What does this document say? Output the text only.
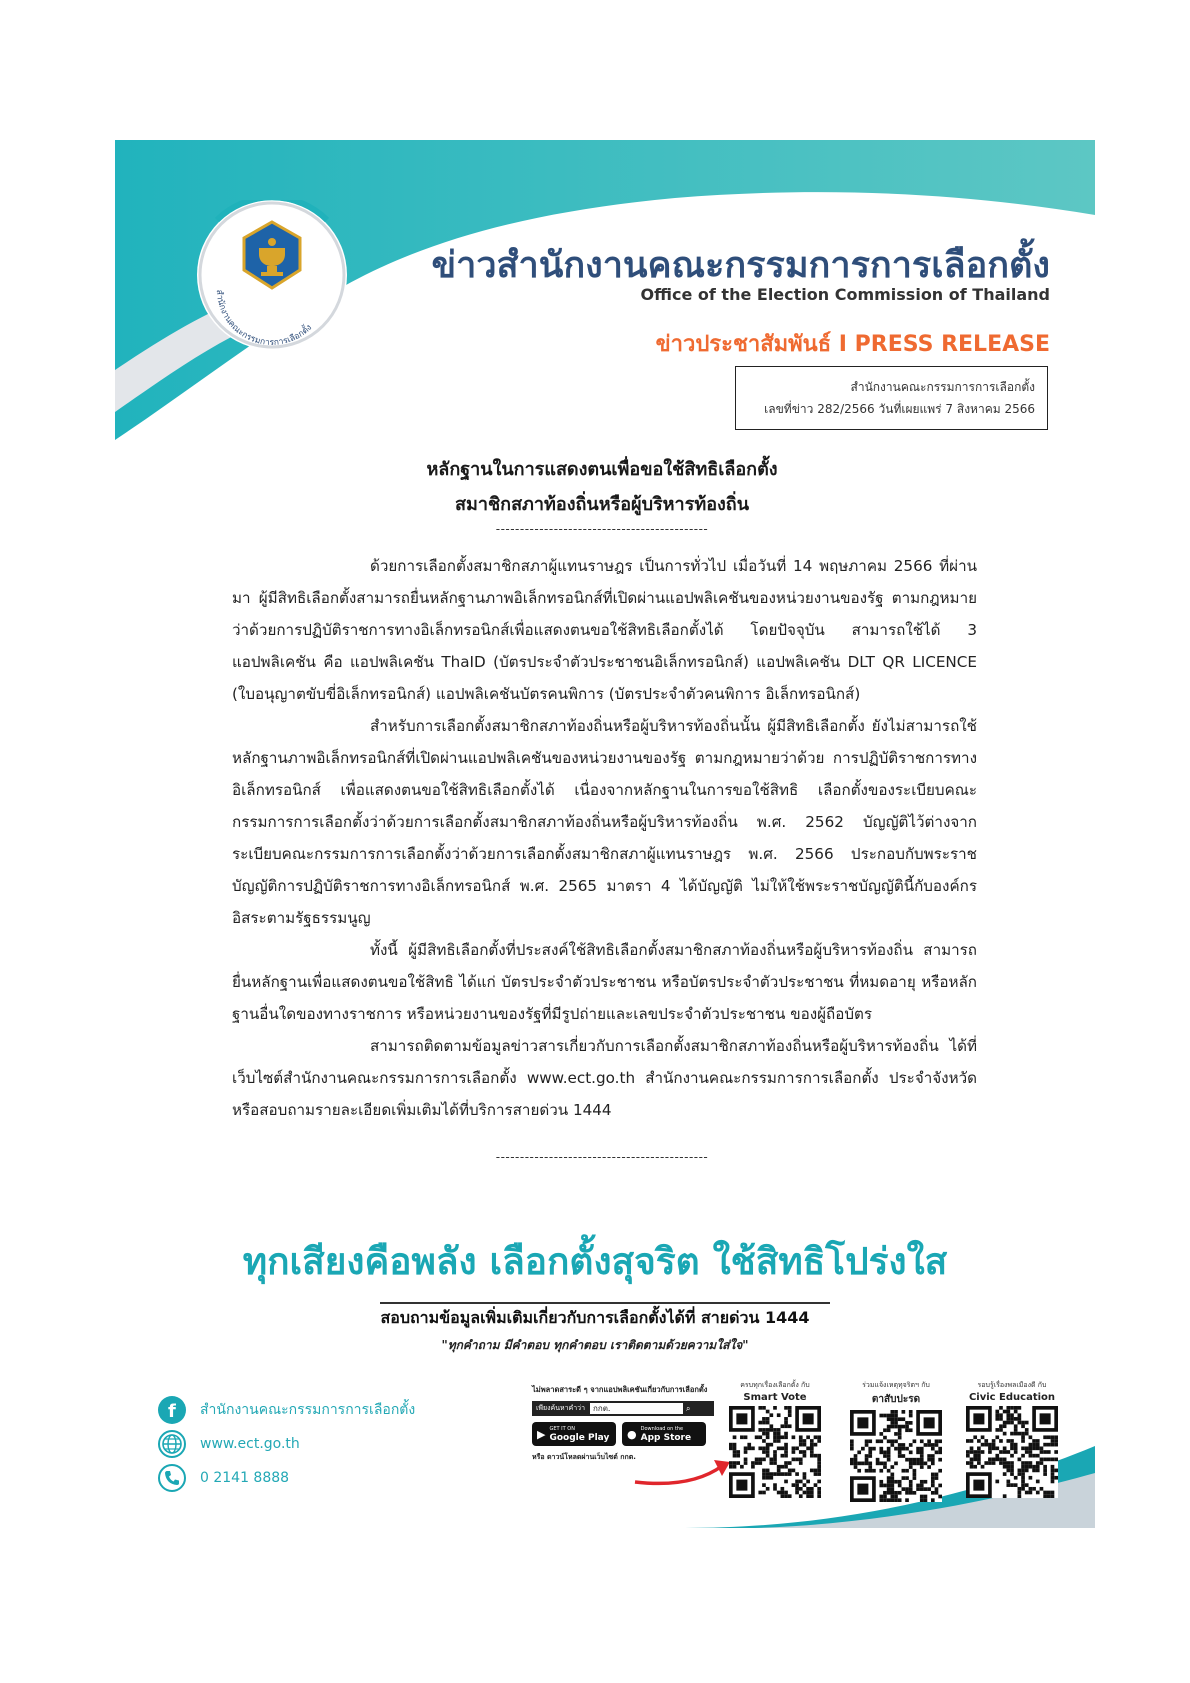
สำนักงานคณะกรรมการการเลือกตั้ง
ข่าวสำนักงานคณะกรรมการการเลือกตั้ง
Office of the Election Commission of Thailand
ข่าวประชาสัมพันธ์ I PRESS RELEASE
สำนักงานคณะกรรมการการเลือกตั้ง
เลขที่ข่าว 282/2566 วันที่เผยแพร่ 7 สิงหาคม 2566
หลักฐานในการแสดงตนเพื่อขอใช้สิทธิเลือกตั้ง
สมาชิกสภาท้องถิ่นหรือผู้บริหารท้องถิ่น
--------------------------------------------

ด้วยการเลือกตั้งสมาชิกสภาผู้แทนราษฎร เป็นการทั่วไป เมื่อวันที่ 14 พฤษภาคม 2566 ที่ผ่านมา ผู้มีสิทธิเลือกตั้งสามารถยื่นหลักฐานภาพอิเล็กทรอนิกส์ที่เปิดผ่านแอปพลิเคชันของหน่วยงานของรัฐ ตามกฎหมายว่าด้วยการปฏิบัติราชการทางอิเล็กทรอนิกส์เพื่อแสดงตนขอใช้สิทธิเลือกตั้งได้ โดยปัจจุบัน สามารถใช้ได้ 3 แอปพลิเคชัน คือ แอปพลิเคชัน ThaID (บัตรประจำตัวประชาชนอิเล็กทรอนิกส์) แอปพลิเคชัน DLT QR LICENCE (ใบอนุญาตขับขี่อิเล็กทรอนิกส์) แอปพลิเคชันบัตรคนพิการ (บัตรประจำตัวคนพิการ อิเล็กทรอนิกส์)

สำหรับการเลือกตั้งสมาชิกสภาท้องถิ่นหรือผู้บริหารท้องถิ่นนั้น ผู้มีสิทธิเลือกตั้ง ยังไม่สามารถใช้หลักฐานภาพอิเล็กทรอนิกส์ที่เปิดผ่านแอปพลิเคชันของหน่วยงานของรัฐ ตามกฎหมายว่าด้วย การปฏิบัติราชการทางอิเล็กทรอนิกส์ เพื่อแสดงตนขอใช้สิทธิเลือกตั้งได้ เนื่องจากหลักฐานในการขอใช้สิทธิ เลือกตั้งของระเบียบคณะกรรมการการเลือกตั้งว่าด้วยการเลือกตั้งสมาชิกสภาท้องถิ่นหรือผู้บริหารท้องถิ่น พ.ศ. 2562 บัญญัติไว้ต่างจากระเบียบคณะกรรมการการเลือกตั้งว่าด้วยการเลือกตั้งสมาชิกสภาผู้แทนราษฎร พ.ศ. 2566 ประกอบกับพระราชบัญญัติการปฏิบัติราชการทางอิเล็กทรอนิกส์ พ.ศ. 2565 มาตรา 4 ได้บัญญัติ ไม่ให้ใช้พระราชบัญญัตินี้กับองค์กรอิสระตามรัฐธรรมนูญ

ทั้งนี้ ผู้มีสิทธิเลือกตั้งที่ประสงค์ใช้สิทธิเลือกตั้งสมาชิกสภาท้องถิ่นหรือผู้บริหารท้องถิ่น สามารถยื่นหลักฐานเพื่อแสดงตนขอใช้สิทธิ ได้แก่ บัตรประจำตัวประชาชน หรือบัตรประจำตัวประชาชน ที่หมดอายุ หรือหลักฐานอื่นใดของทางราชการ หรือหน่วยงานของรัฐที่มีรูปถ่ายและเลขประจำตัวประชาชน ของผู้ถือบัตร

สามารถติดตามข้อมูลข่าวสารเกี่ยวกับการเลือกตั้งสมาชิกสภาท้องถิ่นหรือผู้บริหารท้องถิ่น ได้ที่เว็บไซต์สำนักงานคณะกรรมการการเลือกตั้ง www.ect.go.th สำนักงานคณะกรรมการการเลือกตั้ง ประจำจังหวัด หรือสอบถามรายละเอียดเพิ่มเติมได้ที่บริการสายด่วน 1444

--------------------------------------------
ทุกเสียงคือพลัง เลือกตั้งสุจริต ใช้สิทธิโปร่งใส
สอบถามข้อมูลเพิ่มเติมเกี่ยวกับการเลือกตั้งได้ที่ สายด่วน 1444
"ทุกคำถาม มีคำตอบ ทุกคำตอบ เราติดตามด้วยความใส่ใจ"
f สำนักงานคณะกรรมการการเลือกตั้ง
www.ect.go.th
0 2141 8888
ไม่พลาดสาระดี ๆ จากแอปพลิเคชันเกี่ยวกับการเลือกตั้ง
เพียงค้นหาคำว่า	กกต.	⌕
▶ GET IT ON
Google Play ● Download on the
App Store
หรือ ดาวน์โหลดผ่านเว็บไซต์ กกต.
ครบทุกเรื่องเลือกตั้ง กับ
Smart Vote
ร่วมแจ้งเหตุทุจริตฯ กับ
ตาสับปะรด
รอบรู้เรื่องพลเมืองดี กับ
Civic Education
